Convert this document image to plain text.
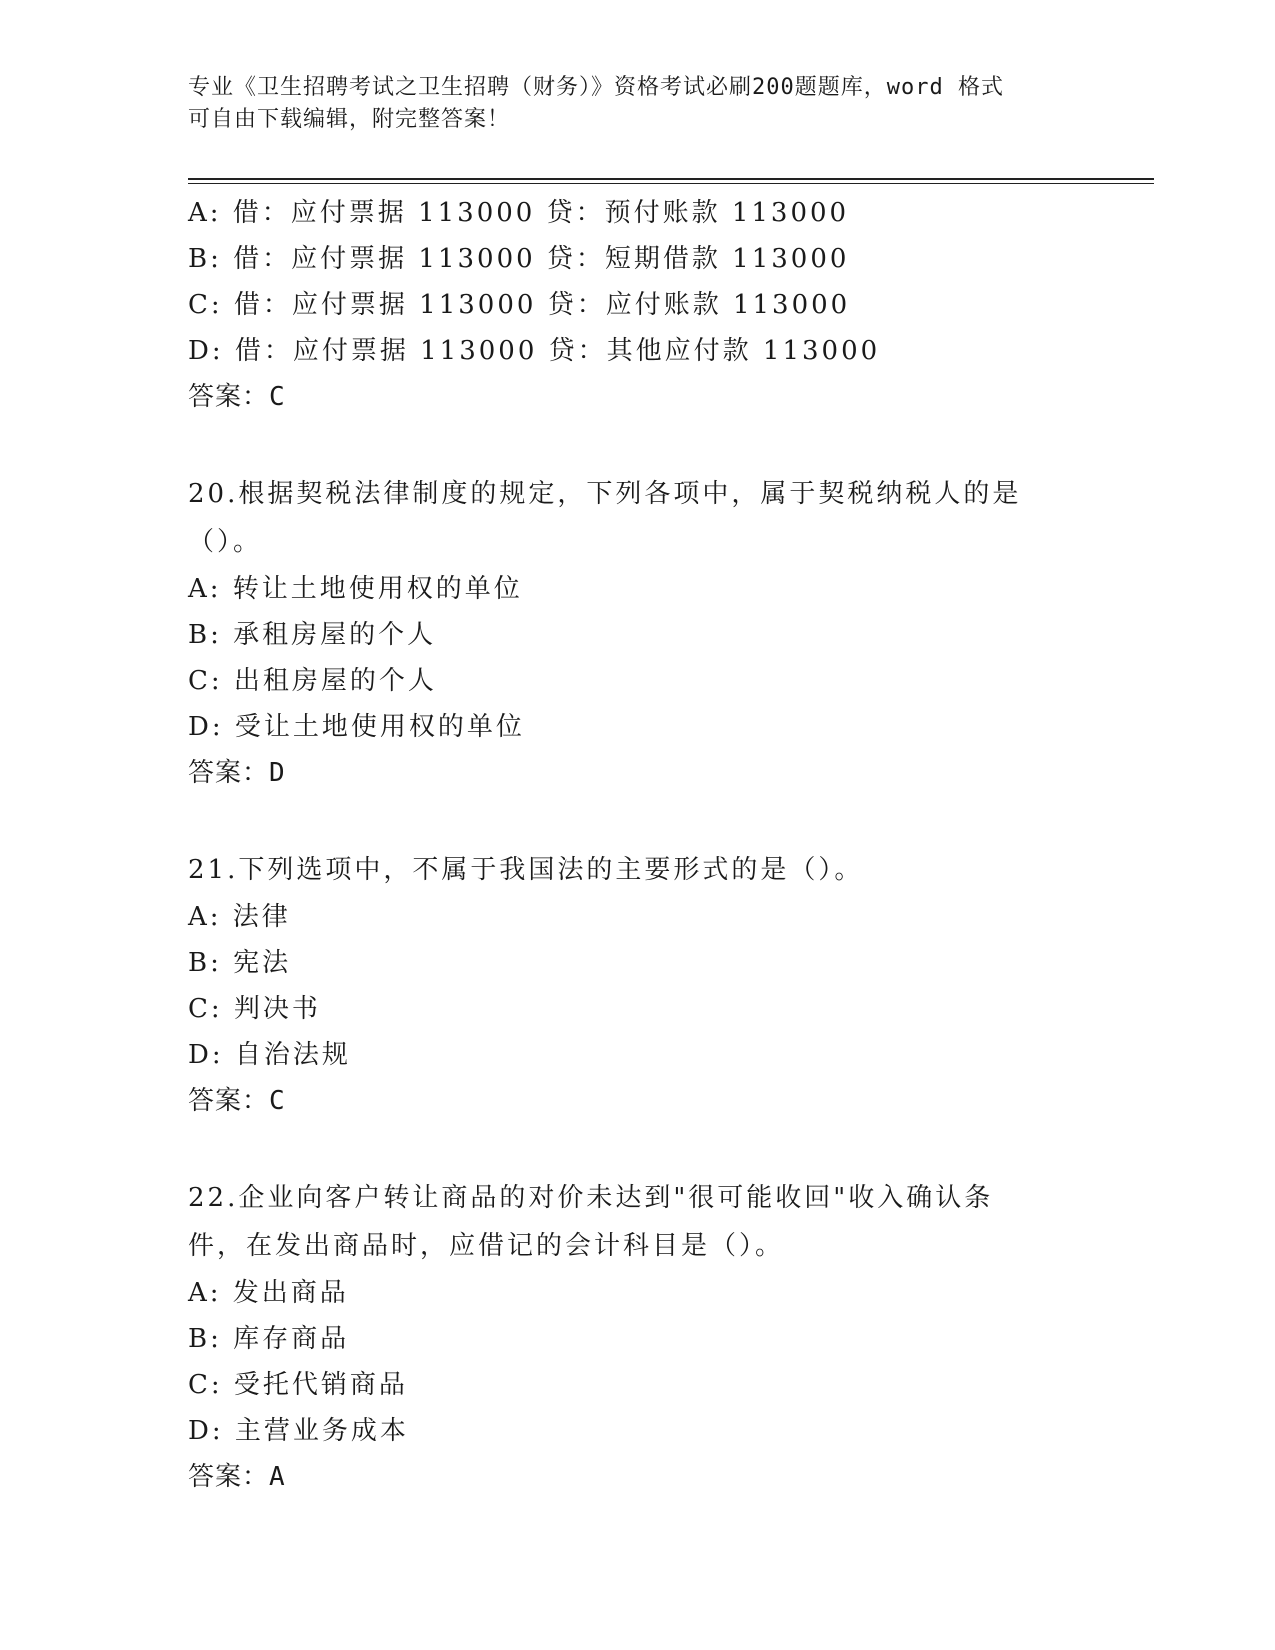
专业《卫生招聘考试之卫生招聘（财务）》资格考试必刷200题题库，word 格式
可自由下载编辑，附完整答案！
A: 借：应付票据 113000 贷：预付账款 113000
B: 借：应付票据 113000 贷：短期借款 113000
C: 借：应付票据 113000 贷：应付账款 113000
D: 借：应付票据 113000 贷：其他应付款 113000
答案：C
20.根据契税法律制度的规定，下列各项中，属于契税纳税人的是（）。
A: 转让土地使用权的单位
B: 承租房屋的个人
C: 出租房屋的个人
D: 受让土地使用权的单位
答案：D
21.下列选项中，不属于我国法的主要形式的是（）。
A: 法律
B: 宪法
C: 判决书
D: 自治法规
答案：C
22.企业向客户转让商品的对价未达到"很可能收回"收入确认条件，在发出商品时，应借记的会计科目是（）。
A: 发出商品
B: 库存商品
C: 受托代销商品
D: 主营业务成本
答案：A
